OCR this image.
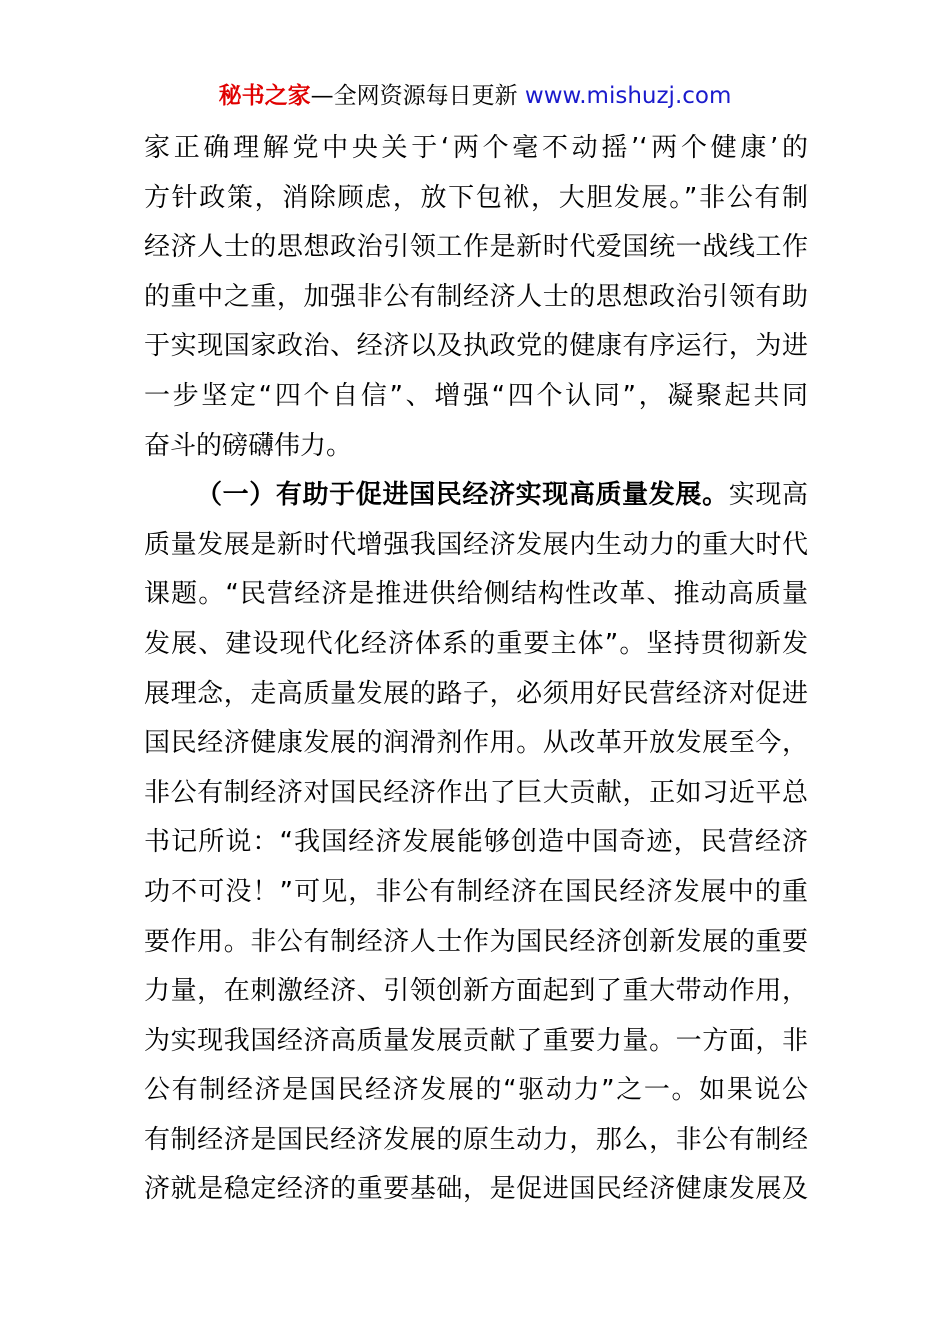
秘书之家—全网资源每日更新 www.mishuzj.com
家正确理解党中央关于‘两个毫不动摇’‘两个健康’的
方针政策，消除顾虑，放下包袱，大胆发展。”非公有制
经济人士的思想政治引领工作是新时代爱国统一战线工作
的重中之重，加强非公有制经济人士的思想政治引领有助
于实现国家政治、经济以及执政党的健康有序运行，为进
一步坚定“四个自信”、增强“四个认同”，凝聚起共同
奋斗的磅礴伟力。
（一）有助于促进国民经济实现高质量发展。实现高
质量发展是新时代增强我国经济发展内生动力的重大时代
课题。“民营经济是推进供给侧结构性改革、推动高质量
发展、建设现代化经济体系的重要主体”。坚持贯彻新发
展理念，走高质量发展的路子，必须用好民营经济对促进
国民经济健康发展的润滑剂作用。从改革开放发展至今，
非公有制经济对国民经济作出了巨大贡献，正如习近平总
书记所说：“我国经济发展能够创造中国奇迹，民营经济
功不可没！”可见，非公有制经济在国民经济发展中的重
要作用。非公有制经济人士作为国民经济创新发展的重要
力量，在刺激经济、引领创新方面起到了重大带动作用，
为实现我国经济高质量发展贡献了重要力量。一方面，非
公有制经济是国民经济发展的“驱动力”之一。如果说公
有制经济是国民经济发展的原生动力，那么，非公有制经
济就是稳定经济的重要基础，是促进国民经济健康发展及
